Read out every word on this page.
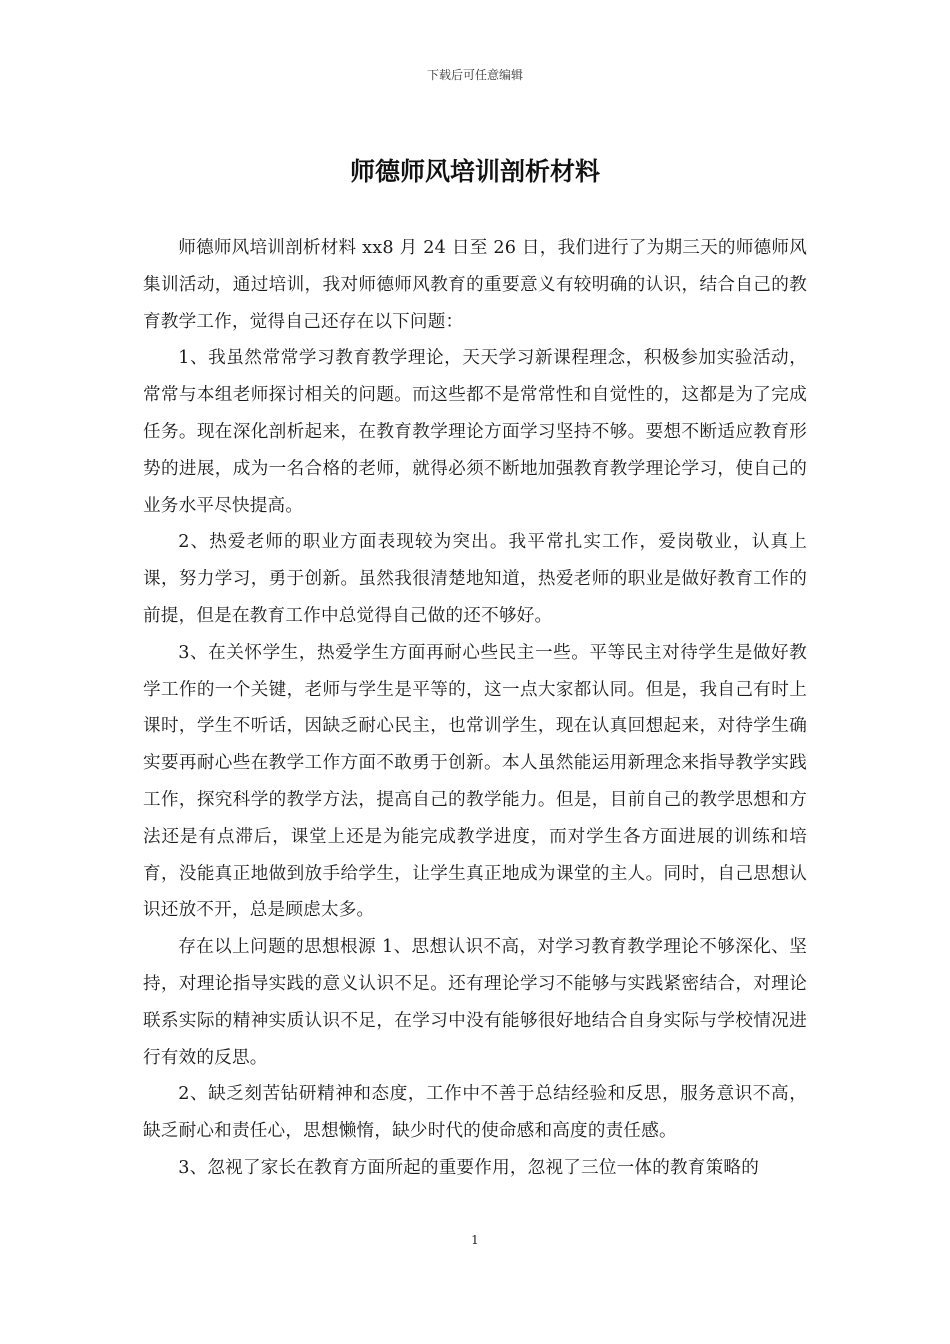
下载后可任意编辑
师德师风培训剖析材料

师德师风培训剖析材料 xx8 月 24 日至 26 日，我们进行了为期三天的师德师风集训活动，通过培训，我对师德师风教育的重要意义有较明确的认识，结合自己的教育教学工作，觉得自己还存在以下问题：

1、我虽然常常学习教育教学理论，天天学习新课程理念，积极参加实验活动，常常与本组老师探讨相关的问题。而这些都不是常常性和自觉性的，这都是为了完成任务。现在深化剖析起来，在教育教学理论方面学习坚持不够。要想不断适应教育形势的进展，成为一名合格的老师，就得必须不断地加强教育教学理论学习，使自己的业务水平尽快提高。

2、热爱老师的职业方面表现较为突出。我平常扎实工作，爱岗敬业，认真上课，努力学习，勇于创新。虽然我很清楚地知道，热爱老师的职业是做好教育工作的前提，但是在教育工作中总觉得自己做的还不够好。

3、在关怀学生，热爱学生方面再耐心些民主一些。平等民主对待学生是做好教学工作的一个关键，老师与学生是平等的，这一点大家都认同。但是，我自己有时上课时，学生不听话，因缺乏耐心民主，也常训学生，现在认真回想起来，对待学生确实要再耐心些在教学工作方面不敢勇于创新。本人虽然能运用新理念来指导教学实践工作，探究科学的教学方法，提高自己的教学能力。但是，目前自己的教学思想和方法还是有点滞后，课堂上还是为能完成教学进度，而对学生各方面进展的训练和培育，没能真正地做到放手给学生，让学生真正地成为课堂的主人。同时，自己思想认识还放不开，总是顾虑太多。

存在以上问题的思想根源 1、思想认识不高，对学习教育教学理论不够深化、坚持，对理论指导实践的意义认识不足。还有理论学习不能够与实践紧密结合，对理论联系实际的精神实质认识不足，在学习中没有能够很好地结合自身实际与学校情况进行有效的反思。

2、缺乏刻苦钻研精神和态度，工作中不善于总结经验和反思，服务意识不高，缺乏耐心和责任心，思想懒惰，缺少时代的使命感和高度的责任感。

3、忽视了家长在教育方面所起的重要作用，忽视了三位一体的教育策略的

1
